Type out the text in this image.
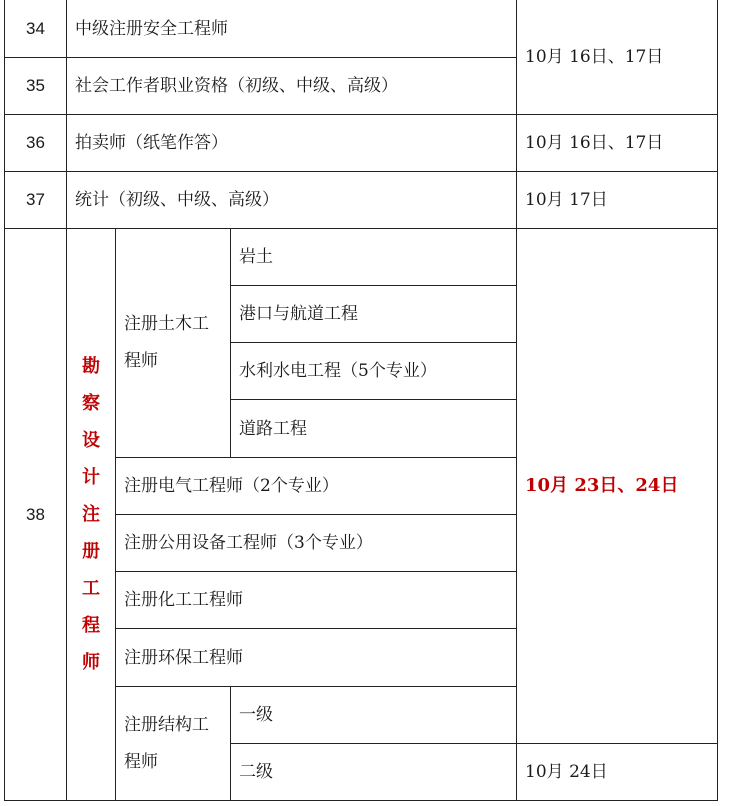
34	中级注册安全工程师			10月 16日、17日
35	社会工作者职业资格（初级、中级、高级）			
36	拍卖师（纸笔作答）			10月 16日、17日
37	统计（初级、中级、高级）			10月 17日
38	勘察设计注册工程师	注册土木工程师	岩土	10月 23日、24日
			港口与航道工程	
			水利水电工程（5个专业）	
			道路工程	
		注册电气工程师（2个专业）		
		注册公用设备工程师（3个专业）		
		注册化工工程师		
		注册环保工程师		

		注册结构工程师	一级	
			二级	10月 24日
